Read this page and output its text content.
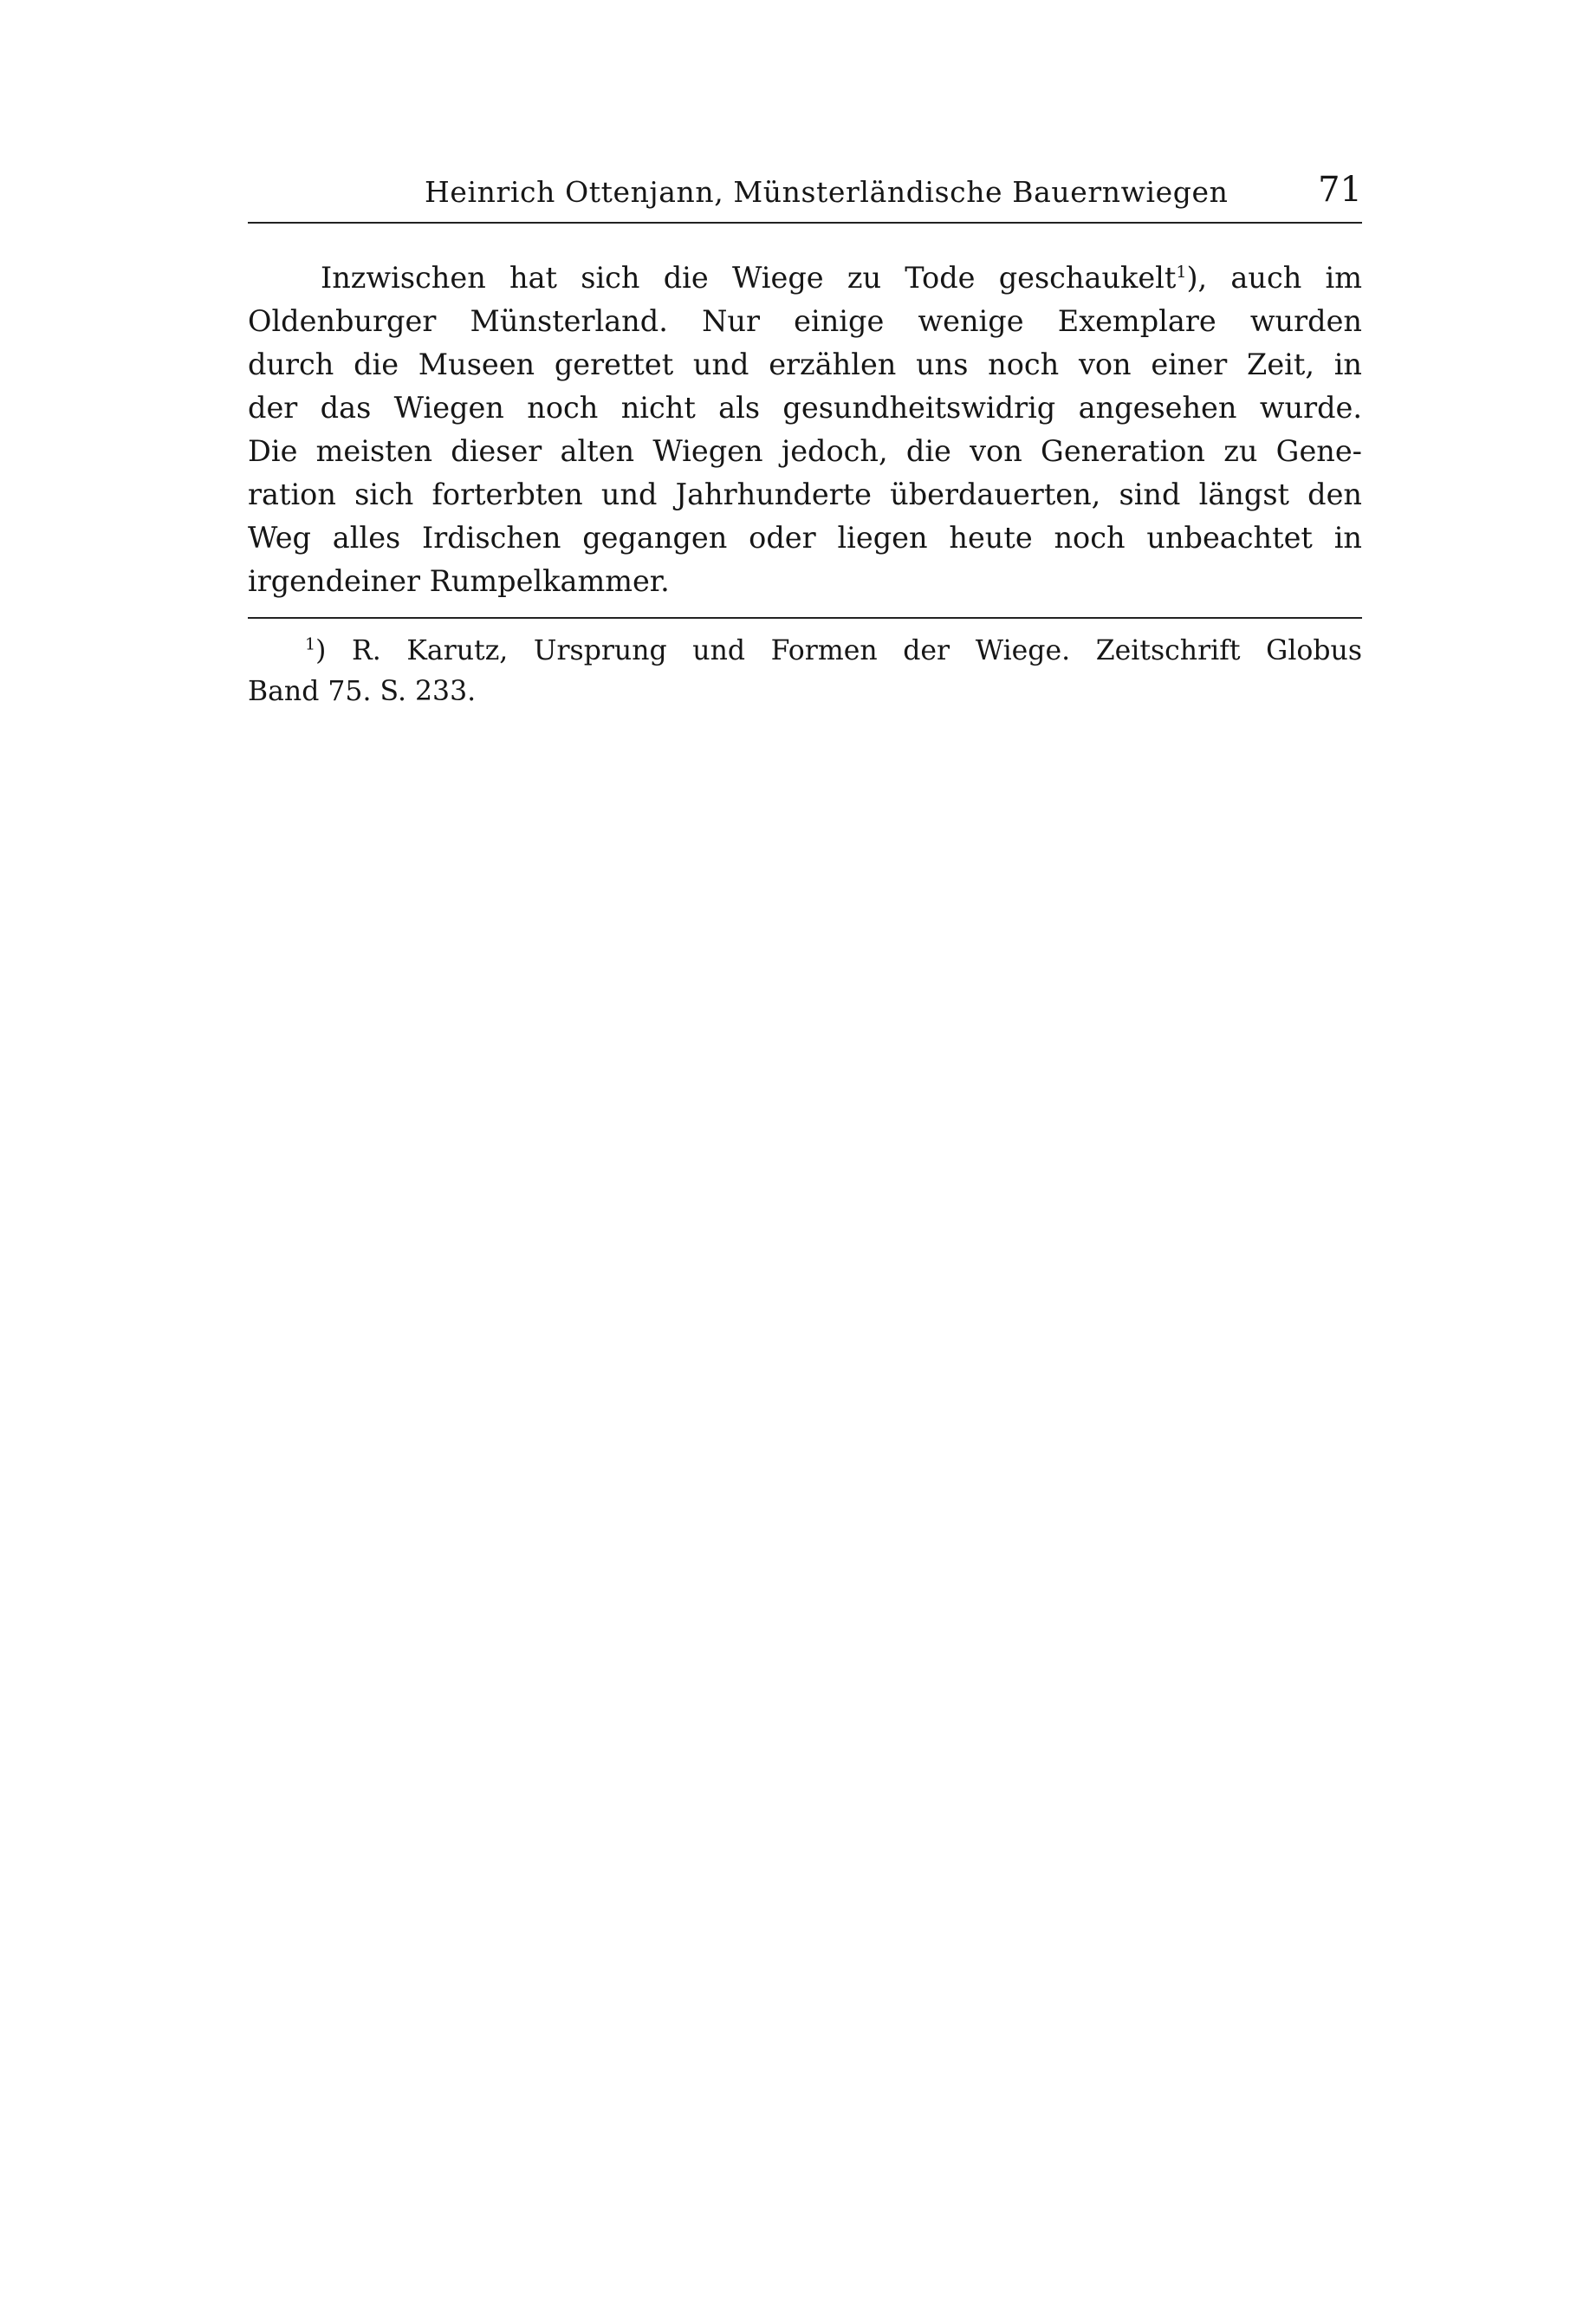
Heinrich Ottenjann, Münsterländische Bauernwiegen	71
Inzwischen hat sich die Wiege zu Tode geschaukelt$^1$), auch im
Oldenburger Münsterland. Nur einige wenige Exemplare wurden
durch die Museen gerettet und erzählen uns noch von einer Zeit, in
der das Wiegen noch nicht als gesundheitswidrig angesehen wurde.
Die meisten dieser alten Wiegen jedoch, die von Generation zu Gene-
ration sich forterbten und Jahrhunderte überdauerten, sind längst den
Weg alles Irdischen gegangen oder liegen heute noch unbeachtet in
irgendeiner Rumpelkammer.
$^1$) R. Karutz, Ursprung und Formen der Wiege. Zeitschrift Globus
Band 75. S. 233.
